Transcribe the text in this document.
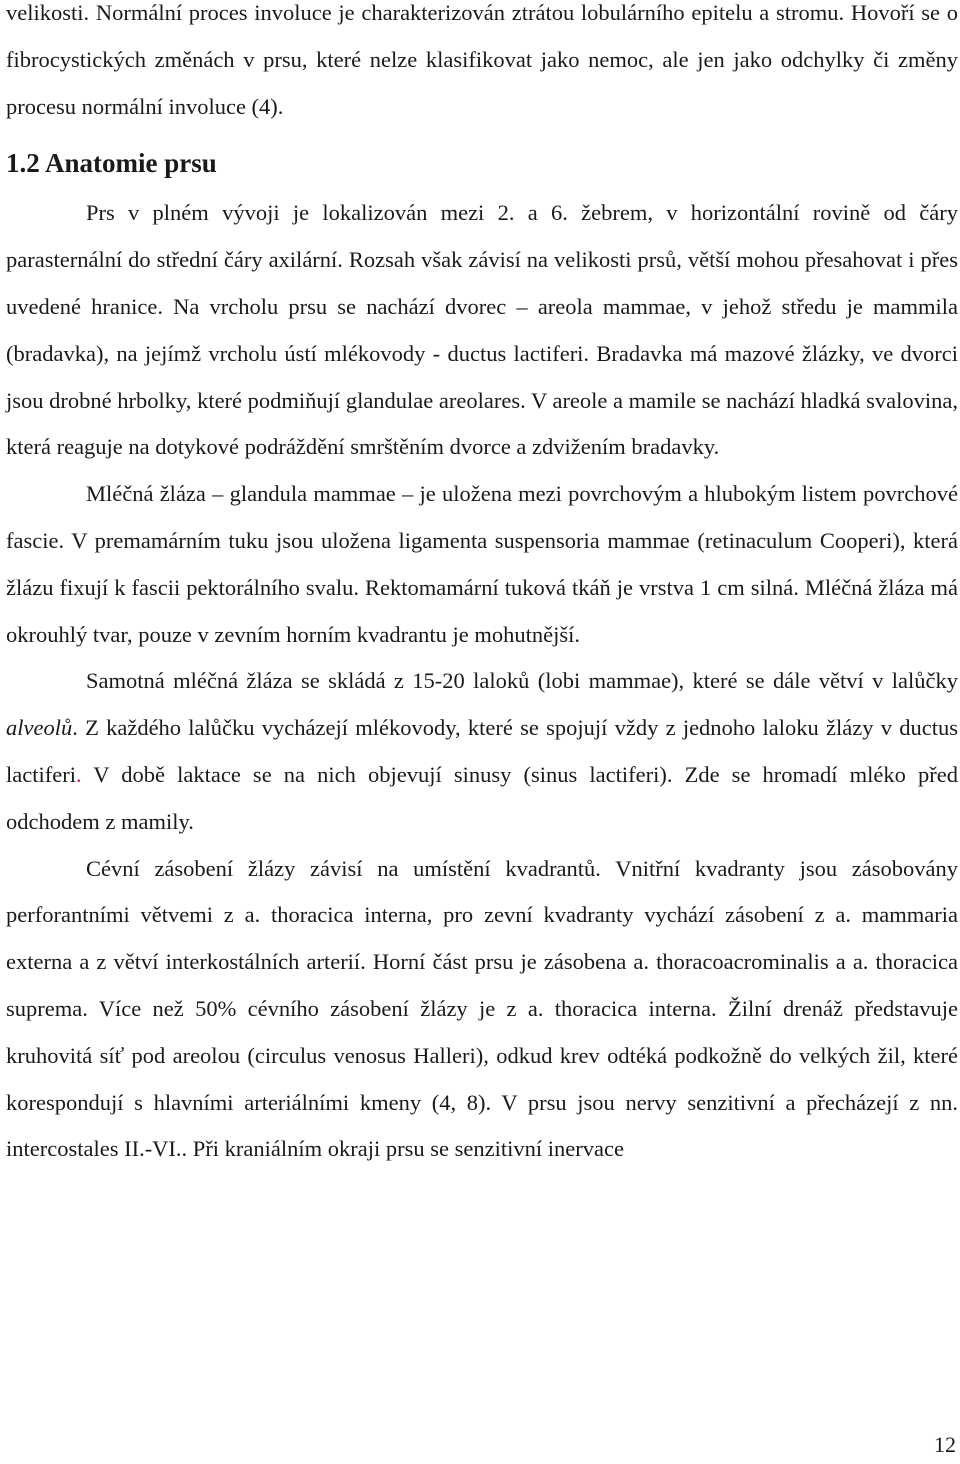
velikosti. Normální proces involuce je charakterizován ztrátou lobulárního epitelu a stromu. Hovoří se o fibrocystických změnách v prsu, které nelze klasifikovat jako nemoc, ale jen jako odchylky či změny procesu normální involuce (4).

1.2 Anatomie prsu

Prs v plném vývoji je lokalizován mezi 2. a 6. žebrem, v horizontální rovině od čáry parasternální do střední čáry axilární. Rozsah však závisí na velikosti prsů, větší mohou přesahovat i přes uvedené hranice. Na vrcholu prsu se nachází dvorec – areola mammae, v jehož středu je mammila (bradavka), na jejímž vrcholu ústí mlékovody - ductus lactiferi. Bradavka má mazové žlázky, ve dvorci jsou drobné hrbolky, které podmiňují glandulae areolares. V areole a mamile se nachází hladká svalovina, která reaguje na dotykové podráždění smrštěním dvorce a zdvižením bradavky.

Mléčná žláza – glandula mammae – je uložena mezi povrchovým a hlubokým listem povrchové fascie. V premamárním tuku jsou uložena ligamenta suspensoria mammae (retinaculum Cooperi), která žlázu fixují k fascii pektorálního svalu. Rektomamární tuková tkáň je vrstva 1 cm silná. Mléčná žláza má okrouhlý tvar, pouze v zevním horním kvadrantu je mohutnější.

Samotná mléčná žláza se skládá z 15-20 laloků (lobi mammae), které se dále větví v lalůčky alveolů. Z každého lalůčku vycházejí mlékovody, které se spojují vždy z jednoho laloku žlázy v ductus lactiferi. V době laktace se na nich objevují sinusy (sinus lactiferi). Zde se hromadí mléko před odchodem z mamily.

Cévní zásobení žlázy závisí na umístění kvadrantů. Vnitřní kvadranty jsou zásobovány perforantními větvemi z a. thoracica interna, pro zevní kvadranty vychází zásobení z a. mammaria externa a z větví interkostálních arterií. Horní část prsu je zásobena a. thoracoacrominalis a a. thoracica suprema. Více než 50% cévního zásobení žlázy je z a. thoracica interna. Žilní drenáž představuje kruhovitá síť pod areolou (circulus venosus Halleri), odkud krev odtéká podkožně do velkých žil, které korespondují s hlavními arteriálními kmeny (4, 8). V prsu jsou nervy senzitivní a přecházejí z nn. intercostales II.-VI.. Při kraniálním okraji prsu se senzitivní inervace

12
